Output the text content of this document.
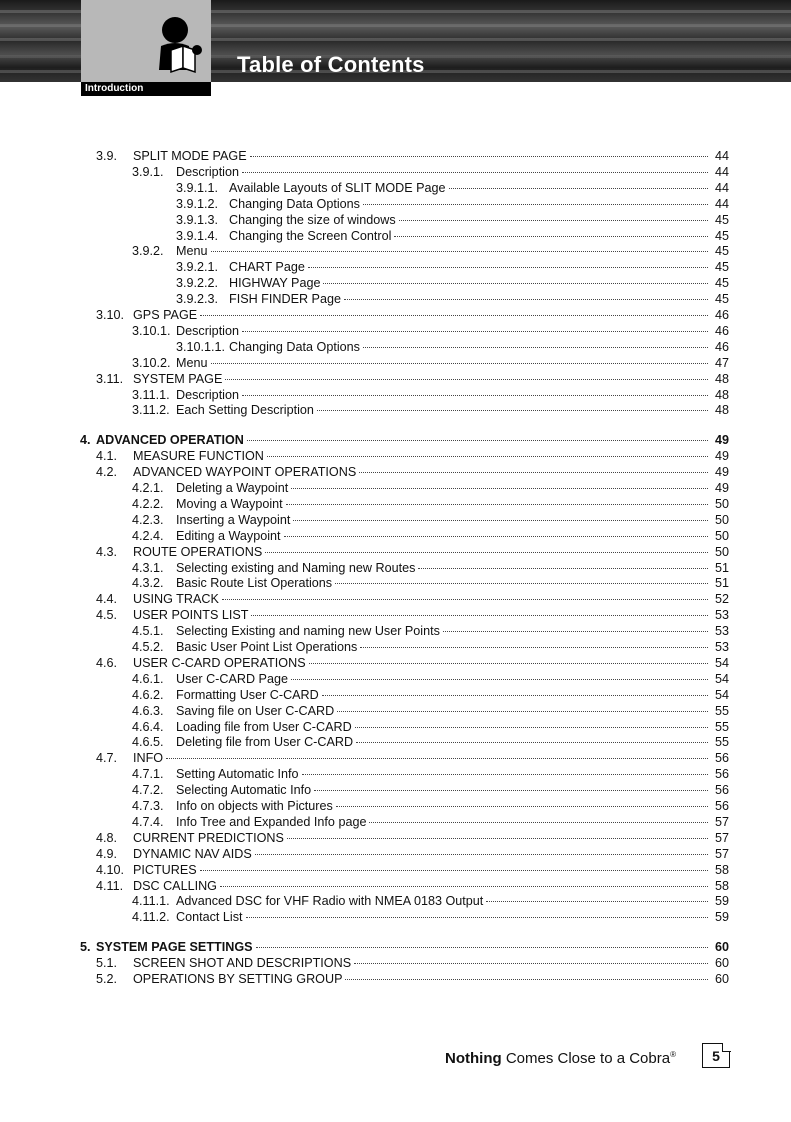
Table of Contents
Introduction
3.9.	SPLIT MODE PAGE	44
3.9.1. Description	44
3.9.1.1. Available Layouts of SLIT MODE Page	44
3.9.1.2. Changing Data Options	44
3.9.1.3. Changing the size of windows	45
3.9.1.4. Changing the Screen Control	45
3.9.2. Menu	45
3.9.2.1. CHART Page	45
3.9.2.2. HIGHWAY Page	45
3.9.2.3. FISH FINDER Page	45
3.10. GPS PAGE	46
3.10.1. Description	46
3.10.1.1. Changing Data Options	46
3.10.2. Menu	47
3.11. SYSTEM PAGE	48
3.11.1. Description	48
3.11.2. Each Setting Description	48
4. ADVANCED OPERATION	49
4.1.	MEASURE FUNCTION	49
4.2.	ADVANCED WAYPOINT OPERATIONS	49
4.2.1. Deleting a Waypoint	49
4.2.2. Moving a Waypoint	50
4.2.3. Inserting a Waypoint	50
4.2.4. Editing a Waypoint	50
4.3.	ROUTE OPERATIONS	50
4.3.1. Selecting existing and Naming new Routes	51
4.3.2. Basic Route List Operations	51
4.4.	USING TRACK	52
4.5.	USER POINTS LIST	53
4.5.1. Selecting Existing and naming new User Points	53
4.5.2. Basic User Point List Operations	53
4.6.	USER C-CARD OPERATIONS	54
4.6.1. User C-CARD Page	54
4.6.2. Formatting User C-CARD	54
4.6.3. Saving file on User C-CARD	55
4.6.4. Loading file from User C-CARD	55
4.6.5. Deleting file from User C-CARD	55
4.7.	INFO	56
4.7.1. Setting Automatic Info	56
4.7.2. Selecting Automatic Info	56
4.7.3. Info on objects with Pictures	56
4.7.4. Info Tree and Expanded Info page	57
4.8.	CURRENT PREDICTIONS	57
4.9.	DYNAMIC NAV AIDS	57
4.10. PICTURES	58
4.11. DSC CALLING	58
4.11.1. Advanced DSC for VHF Radio with NMEA 0183 Output	59
4.11.2. Contact List	59
5. SYSTEM PAGE SETTINGS	60
5.1.	SCREEN SHOT AND DESCRIPTIONS	60
5.2.	OPERATIONS BY SETTING GROUP	60
Nothing Comes Close to a Cobra®	5
